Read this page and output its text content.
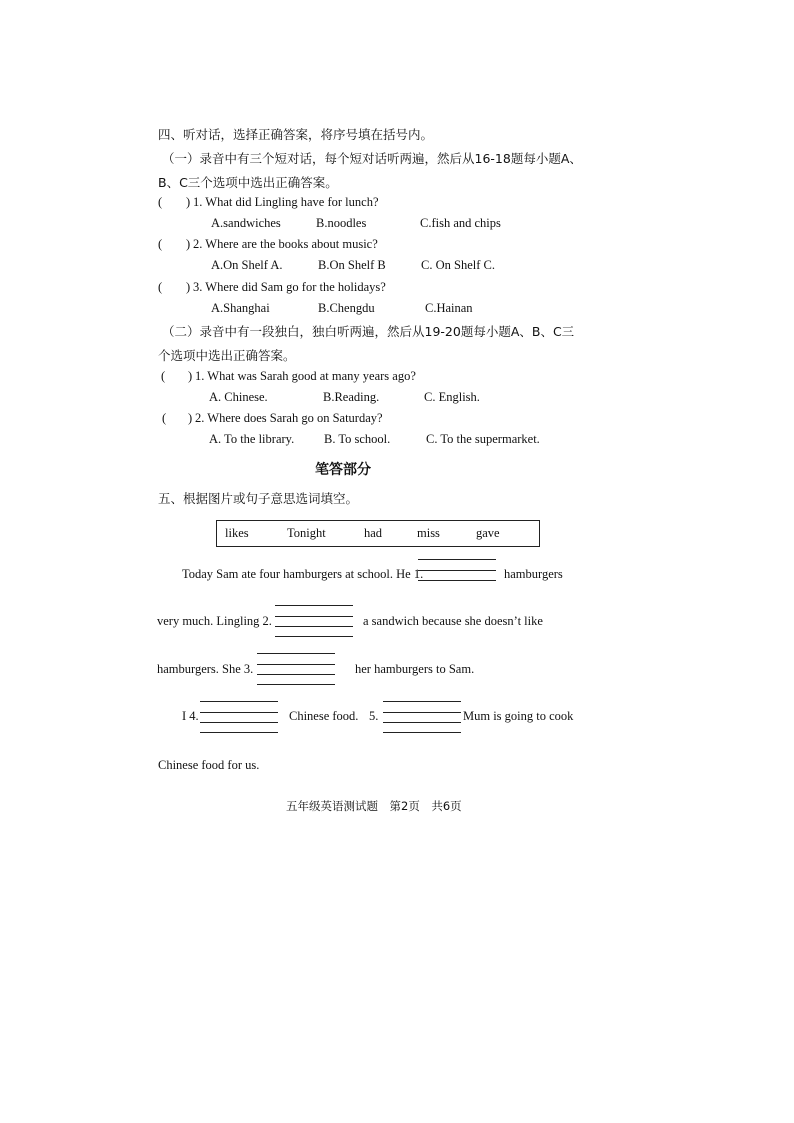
四、听对话，选择正确答案，将序号填在括号内。
（一）录音中有三个短对话，每个短对话听两遍，然后从16-18题每小题A、
B、C三个选项中选出正确答案。
( ) 1. What did Lingling have for lunch?
A.sandwiches	B.noodles	C.fish and chips
( ) 2. Where are the books about music?
A.On Shelf A.	B.On Shelf B	C. On Shelf C.
( ) 3. Where did Sam go for the holidays?
A.Shanghai	B.Chengdu	C.Hainan
（二）录音中有一段独白，独白听两遍，然后从19-20题每小题A、B、C三
个选项中选出正确答案。
( ) 1. What was Sarah good at many years ago?
A. Chinese.	B.Reading.	C. English.
( ) 2. Where does Sarah go on Saturday?
A. To the library. B. To school.	C. To the supermarket.
笔答部分
五、根据图片或句子意思选词填空。
likes	Tonight	had	miss	gave
Today Sam ate four hamburgers at school. He 1.	hamburgers
very much. Lingling 2.	a sandwich because she doesn’t like
hamburgers. She 3.	her hamburgers to Sam.
I 4.	Chinese food. 5.	Mum is going to cook
Chinese food for us.
五年级英语测试题　第2页　共6页
